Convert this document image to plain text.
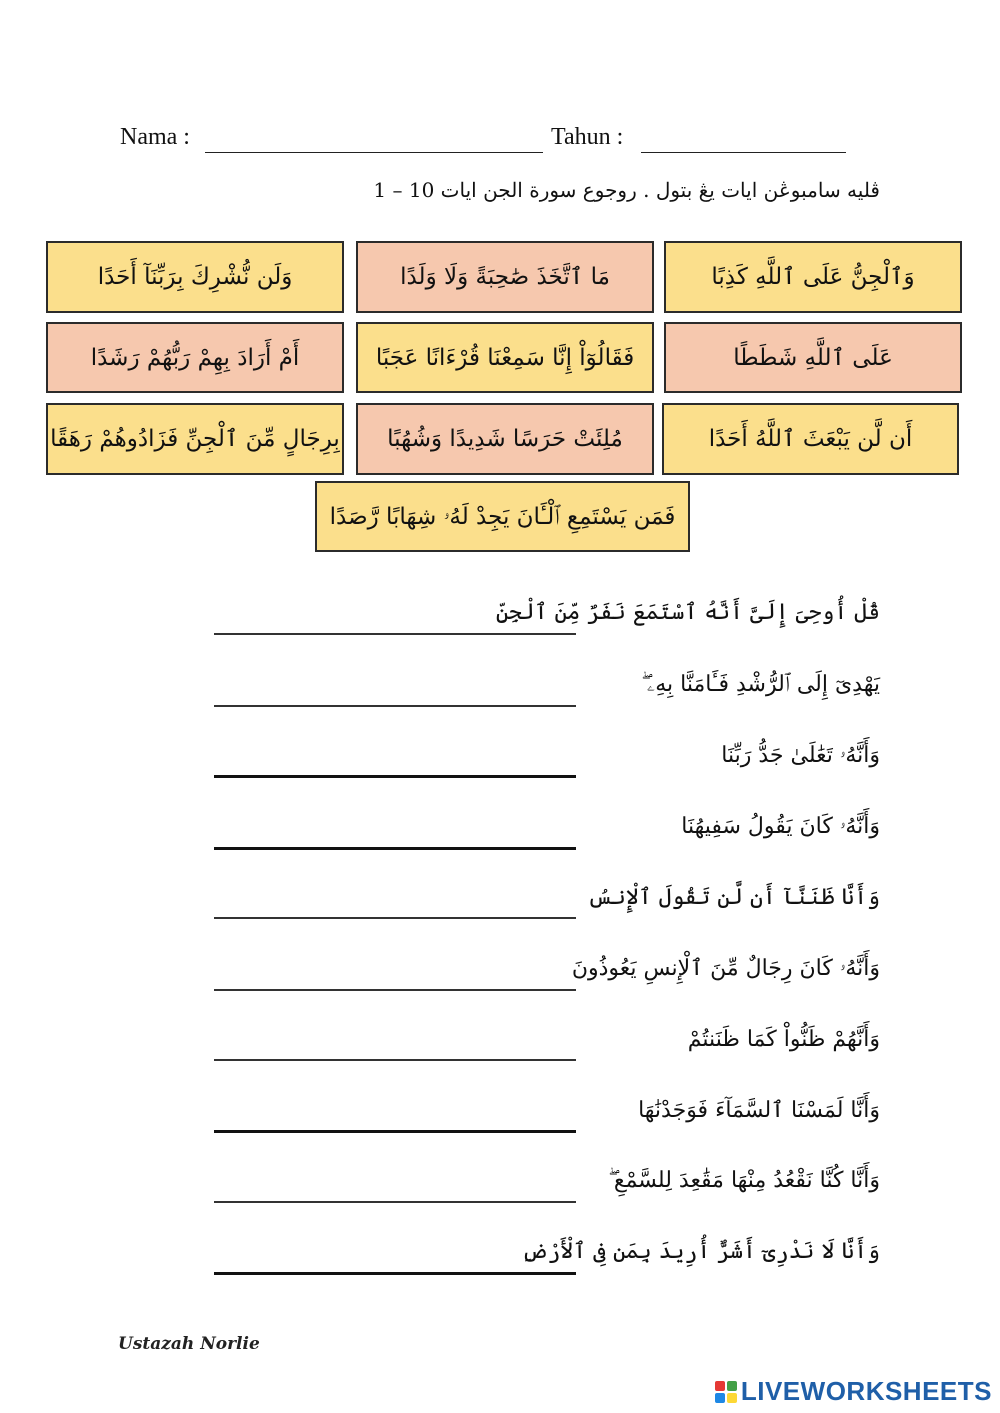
Nama :	Tahun :
ڤليه سامبوڠن ايات يڠ بتول . روجوع سورة الجن ايات 10 – 1
وَٱلْجِنُّ عَلَى ٱللَّهِ كَذِبًا
مَا ٱتَّخَذَ صَٰحِبَةً وَلَا وَلَدًا
وَلَن نُّشْرِكَ بِرَبِّنَآ أَحَدًا
عَلَى ٱللَّهِ شَطَطًا
فَقَالُوٓاْ إِنَّا سَمِعْنَا قُرْءَانًا عَجَبًا
أَمْ أَرَادَ بِهِمْ رَبُّهُمْ رَشَدًا
أَن لَّن يَبْعَثَ ٱللَّهُ أَحَدًا
مُلِئَتْ حَرَسًا شَدِيدًا وَشُهُبًا
بِرِجَالٍ مِّنَ ٱلْجِنِّ فَزَادُوهُمْ رَهَقًا
فَمَن يَسْتَمِعِ ٱلْـَٔانَ يَجِدْ لَهُۥ شِهَابًا رَّصَدًا
قُلْ أُوحِىَ إِلَىَّ أَنَّهُ ٱسْتَمَعَ نَفَرٌ مِّنَ ٱلْجِنِّ
يَهْدِىٓ إِلَى ٱلرُّشْدِ فَـَٔامَنَّا بِهِۦ ۖ
وَأَنَّهُۥ تَعَٰلَىٰ جَدُّ رَبِّنَا
وَأَنَّهُۥ كَانَ يَقُولُ سَفِيهُنَا
وَأَنَّا ظَنَنَّآ أَن لَّن تَقُولَ ٱلْإِنسُ
وَأَنَّهُۥ كَانَ رِجَالٌ مِّنَ ٱلْإِنسِ يَعُوذُونَ
وَأَنَّهُمْ ظَنُّواْ كَمَا ظَنَنتُمْ
وَأَنَّا لَمَسْنَا ٱلسَّمَآءَ فَوَجَدْنَٰهَا
وَأَنَّا كُنَّا نَقْعُدُ مِنْهَا مَقَٰعِدَ لِلسَّمْعِ ۖ
وَأَنَّا لَا نَدْرِىٓ أَشَرٌّ أُرِيدَ بِمَن فِى ٱلْأَرْضِ
Ustazah Norlie
LIVEWORKSHEETS
